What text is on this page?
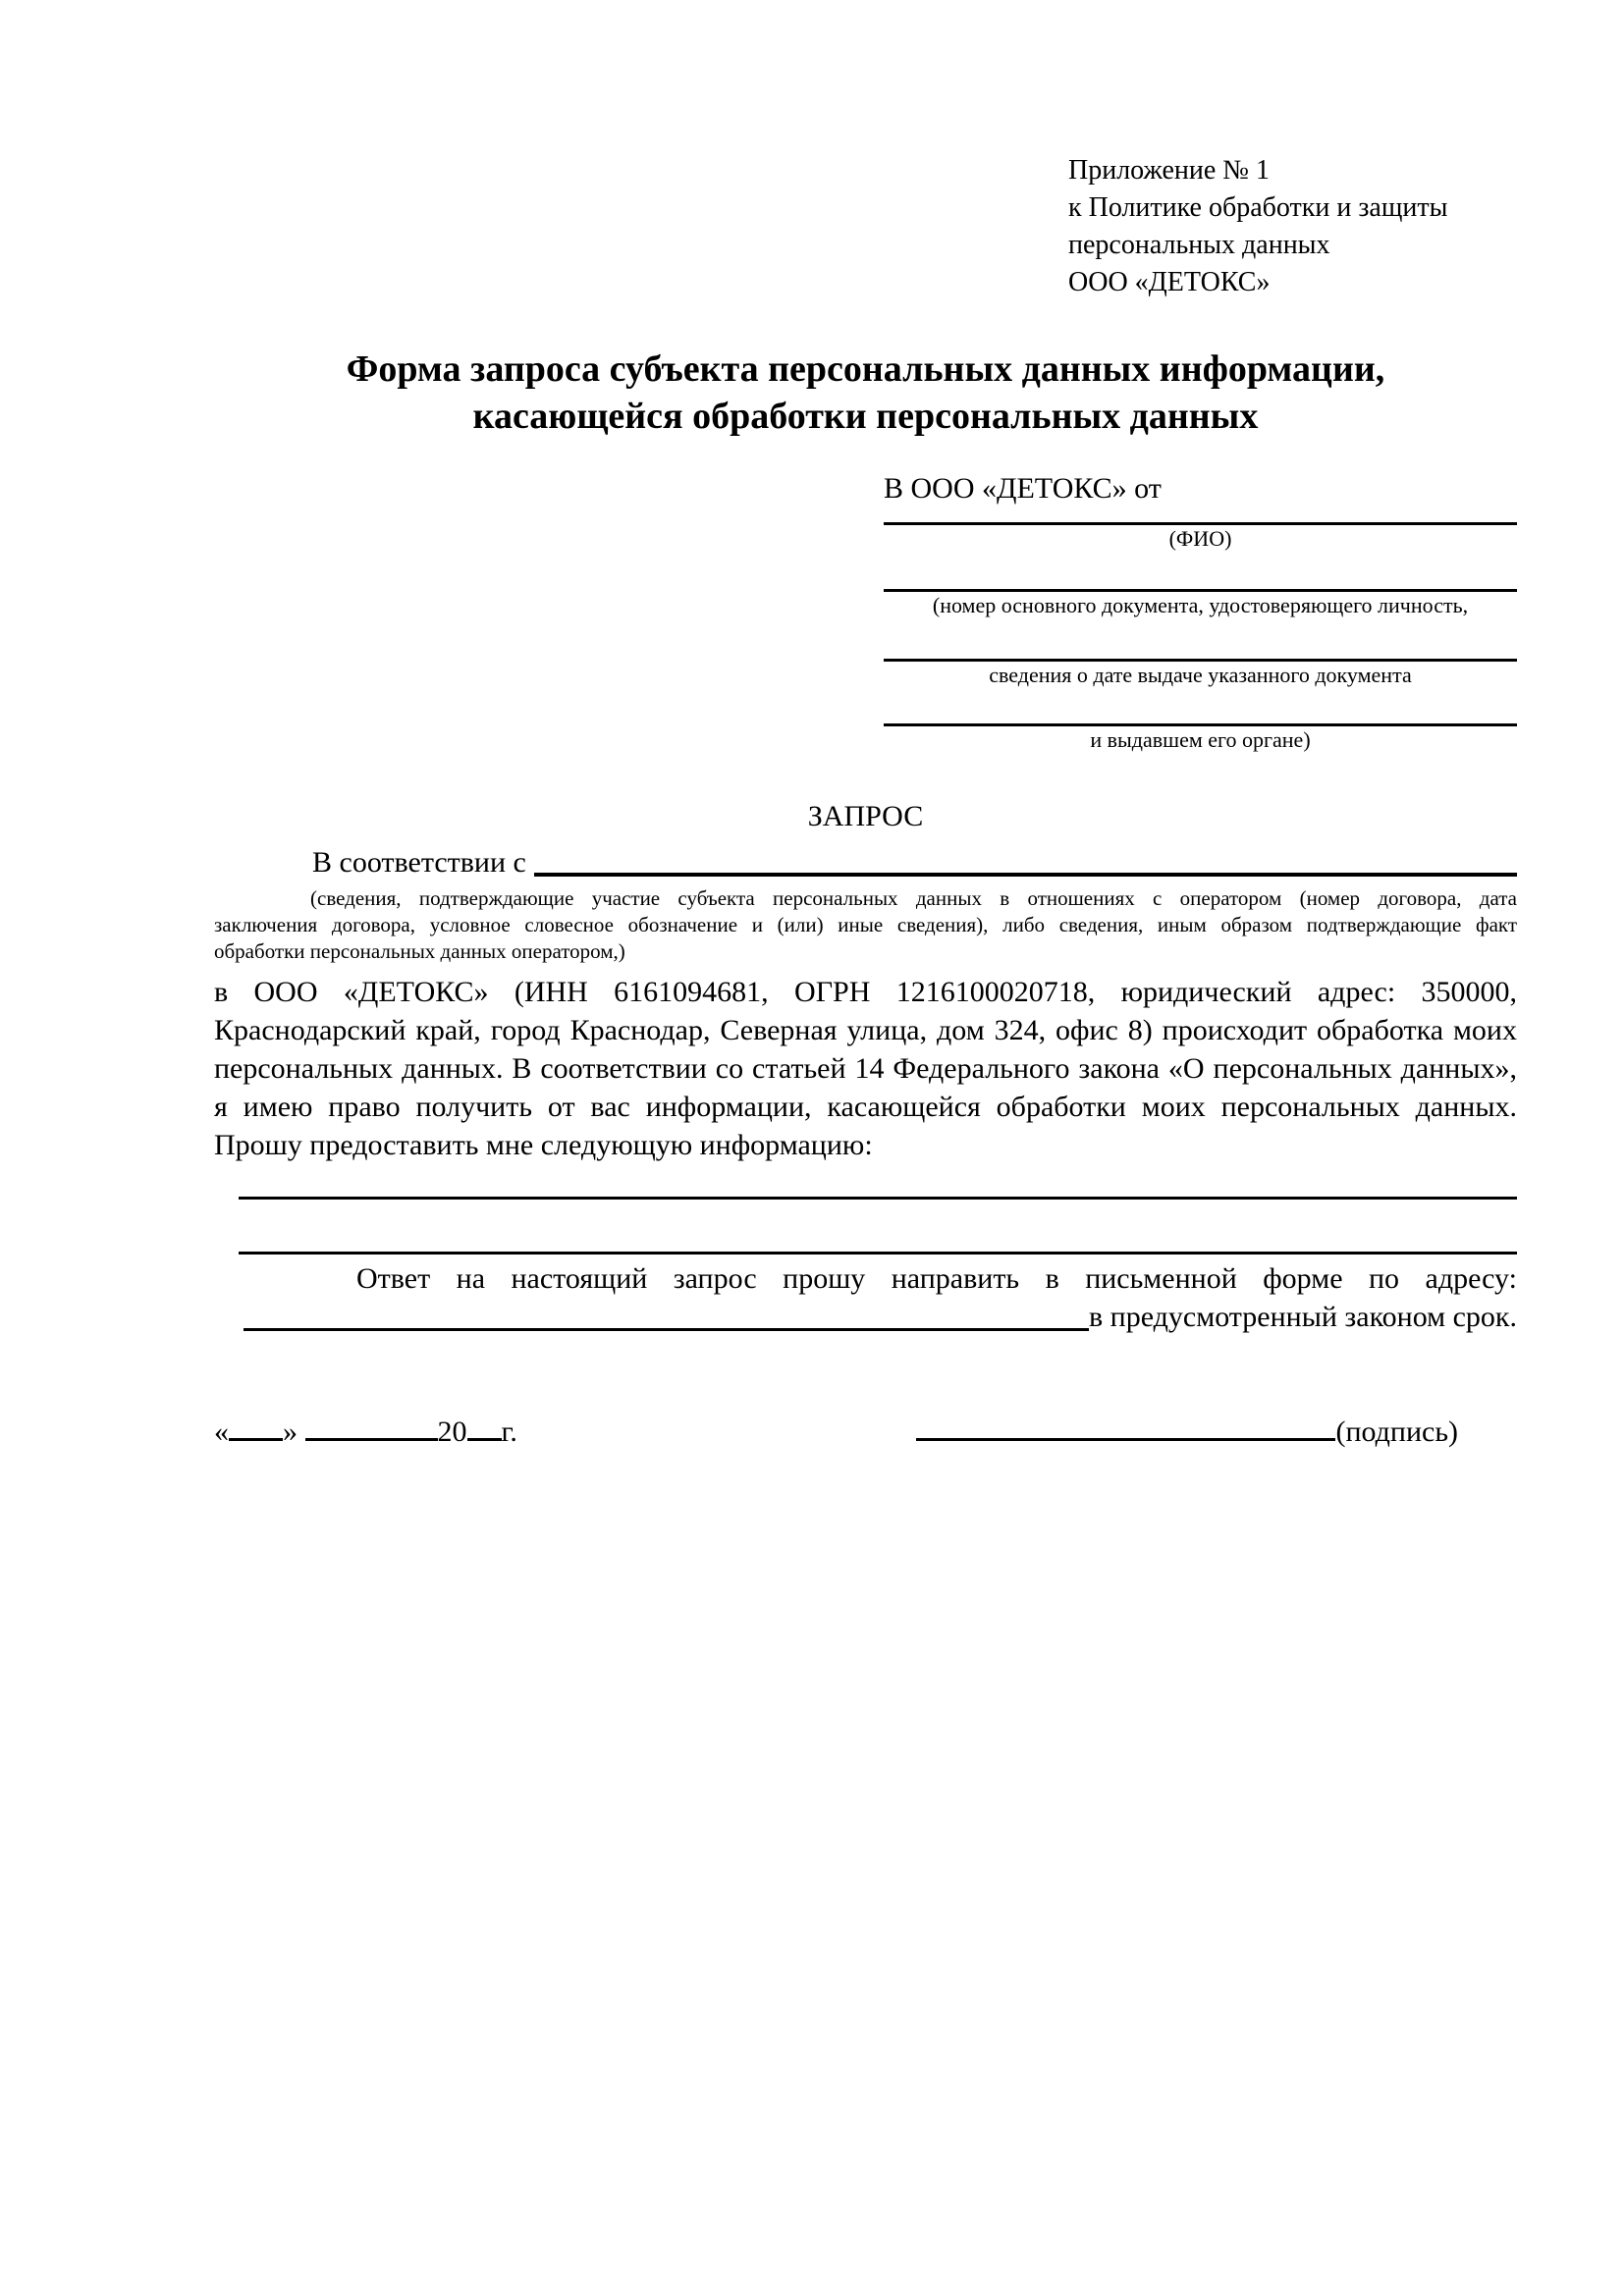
Приложение № 1
к Политике обработки и защиты
персональных данных
ООО «ДЕТОКС»
Форма запроса субъекта персональных данных информации,
касающейся обработки персональных данных
В ООО «ДЕТОКС» от
(ФИО)
(номер основного документа, удостоверяющего личность,
сведения о дате выдаче указанного документа
и выдавшем его органе)
ЗАПРОС
В соответствии с
(сведения, подтверждающие участие субъекта персональных данных в отношениях с оператором (номер договора, дата
заключения договора, условное словесное обозначение и (или) иные сведения), либо сведения, иным образом подтверждающие факт
обработки персональных данных оператором,)
в ООО «ДЕТОКС» (ИНН 6161094681, ОГРН 1216100020718, юридический адрес: 350000, Краснодарский край, город Краснодар, Северная улица, дом 324, офис 8) происходит обработка моих персональных данных. В соответствии со статьей 14 Федерального закона «О персональных данных», я имею право получить от вас информации, касающейся обработки моих персональных данных. Прошу предоставить мне следующую информацию:
Ответ на настоящий запрос прошу направить в письменной форме по адресу:
в предусмотренный законом срок.
« »	20 г.	(подпись)
